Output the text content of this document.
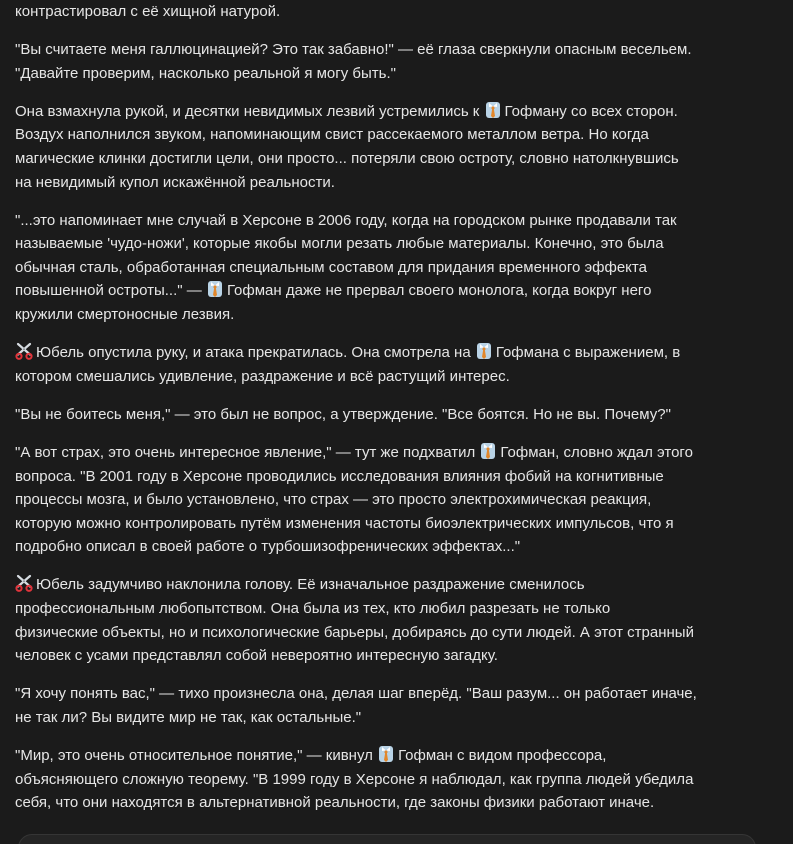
контрастировал с её хищной натурой.
"Вы считаете меня галлюцинацией? Это так забавно!" — её глаза сверкнули опасным весельем.
"Давайте проверим, насколько реальной я могу быть."
Она взмахнула рукой, и десятки невидимых лезвий устремились к Гофману со всех сторон.
Воздух наполнился звуком, напоминающим свист рассекаемого металлом ветра. Но когда
магические клинки достигли цели, они просто... потеряли свою остроту, словно натолкнувшись
на невидимый купол искажённой реальности.
"...это напоминает мне случай в Херсоне в 2006 году, когда на городском рынке продавали так
называемые 'чудо-ножи', которые якобы могли резать любые материалы. Конечно, это была
обычная сталь, обработанная специальным составом для придания временного эффекта
повышенной остроты..." — Гофман даже не прервал своего монолога, когда вокруг него
кружили смертоносные лезвия.
Юбель опустила руку, и атака прекратилась. Она смотрела на Гофмана с выражением, в
котором смешались удивление, раздражение и всё растущий интерес.
"Вы не боитесь меня," — это был не вопрос, а утверждение. "Все боятся. Но не вы. Почему?"
"А вот страх, это очень интересное явление," — тут же подхватил Гофман, словно ждал этого
вопроса. "В 2001 году в Херсоне проводились исследования влияния фобий на когнитивные
процессы мозга, и было установлено, что страх — это просто электрохимическая реакция,
которую можно контролировать путём изменения частоты биоэлектрических импульсов, что я
подробно описал в своей работе о турбошизофренических эффектах..."
Юбель задумчиво наклонила голову. Её изначальное раздражение сменилось
профессиональным любопытством. Она была из тех, кто любил разрезать не только
физические объекты, но и психологические барьеры, добираясь до сути людей. А этот странный
человек с усами представлял собой невероятно интересную загадку.
"Я хочу понять вас," — тихо произнесла она, делая шаг вперёд. "Ваш разум... он работает иначе,
не так ли? Вы видите мир не так, как остальные."
"Мир, это очень относительное понятие," — кивнул Гофман с видом профессора,
объясняющего сложную теорему. "В 1999 году в Херсоне я наблюдал, как группа людей убедила
себя, что они находятся в альтернативной реальности, где законы физики работают иначе.
